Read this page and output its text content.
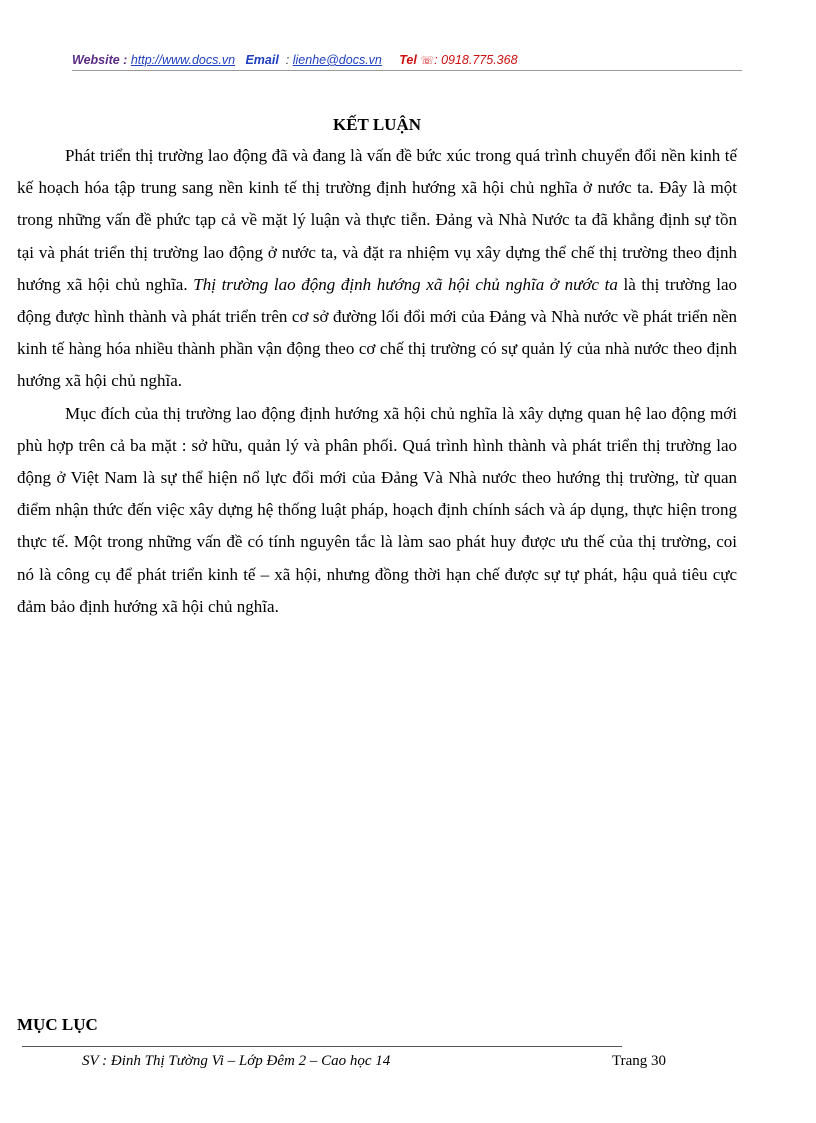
Website : http://www.docs.vn Email : lienhe@docs.vn Tel ☏: 0918.775.368
KẾT LUẬN

Phát triển thị trường lao động đã và đang là vấn đề bức xúc trong quá trình chuyển đổi nền kinh tế kế hoạch hóa tập trung sang nền kinh tế thị trường định hướng xã hội chủ nghĩa ở nước ta. Đây là một trong những vấn đề phức tạp cả về mặt lý luận và thực tiễn. Đảng và Nhà Nước ta đã khẳng định sự tồn tại và phát triển thị trường lao động ở nước ta, và đặt ra nhiệm vụ xây dựng thể chế thị trường theo định hướng xã hội chủ nghĩa. Thị trường lao động định hướng xã hội chủ nghĩa ở nước ta là thị trường lao động được hình thành và phát triển trên cơ sở đường lối đổi mới của Đảng và Nhà nước về phát triển nền kinh tế hàng hóa nhiều thành phần vận động theo cơ chế thị trường có sự quản lý của nhà nước theo định hướng xã hội chủ nghĩa.

Mục đích của thị trường lao động định hướng xã hội chủ nghĩa là xây dựng quan hệ lao động mới phù hợp trên cả ba mặt : sở hữu, quản lý và phân phối. Quá trình hình thành và phát triển thị trường lao động ở Việt Nam là sự thể hiện nổ lực đổi mới của Đảng Và Nhà nước theo hướng thị trường, từ quan điểm nhận thức đến việc xây dựng hệ thống luật pháp, hoạch định chính sách và áp dụng, thực hiện trong thực tế. Một trong những vấn đề có tính nguyên tắc là làm sao phát huy được ưu thế của thị trường, coi nó là công cụ để phát triển kinh tế – xã hội, nhưng đồng thời hạn chế được sự tự phát, hậu quả tiêu cực đảm bảo định hướng xã hội chủ nghĩa.

MỤC LỤC
SV : Đinh Thị Tường Vi – Lớp Đêm 2 – Cao học 14	Trang 30
